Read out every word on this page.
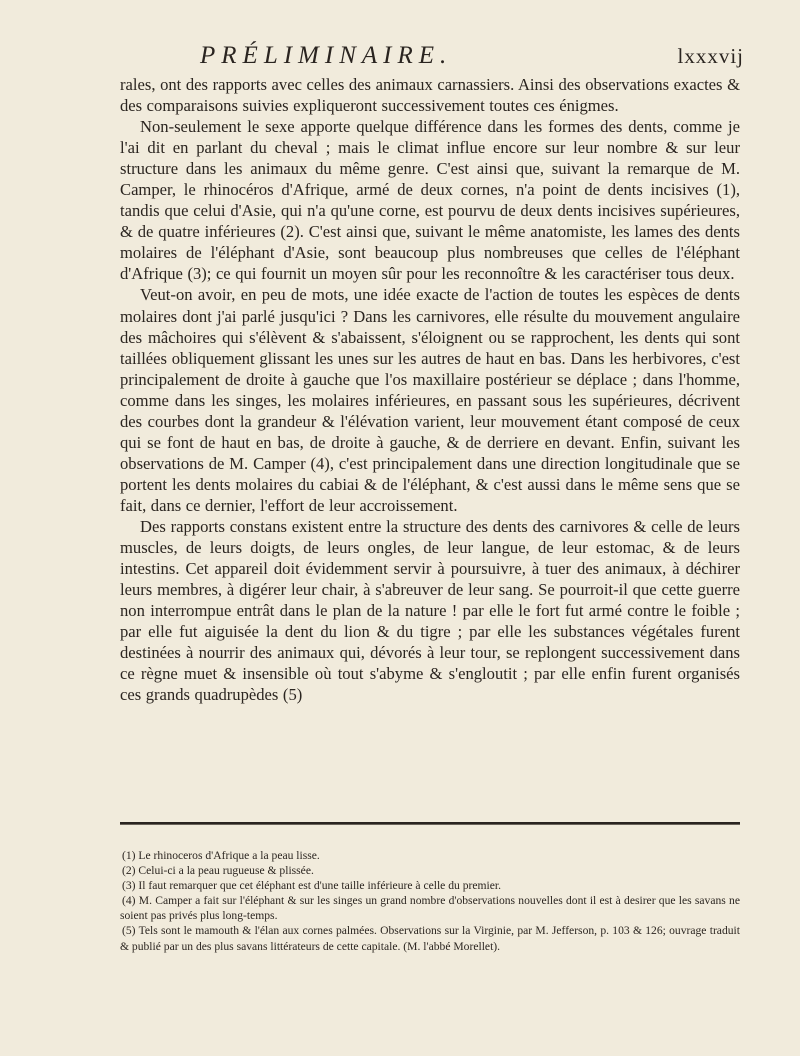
PRÉLIMINAIRE.	lxxxvij

rales, ont des rapports avec celles des animaux carnassiers. Ainsi des observations exactes & des comparaisons suivies expliqueront successivement toutes ces énigmes.

Non-seulement le sexe apporte quelque différence dans les formes des dents, comme je l'ai dit en parlant du cheval ; mais le climat influe encore sur leur nombre & sur leur structure dans les animaux du même genre. C'est ainsi que, suivant la remarque de M. Camper, le rhinocéros d'Afrique, armé de deux cornes, n'a point de dents incisives (1), tandis que celui d'Asie, qui n'a qu'une corne, est pourvu de deux dents incisives supérieures, & de quatre inférieures (2). C'est ainsi que, suivant le même anatomiste, les lames des dents molaires de l'éléphant d'Asie, sont beaucoup plus nombreuses que celles de l'éléphant d'Afrique (3); ce qui fournit un moyen sûr pour les reconnoître & les caractériser tous deux.

Veut-on avoir, en peu de mots, une idée exacte de l'action de toutes les espèces de dents molaires dont j'ai parlé jusqu'ici ? Dans les carnivores, elle résulte du mouvement angulaire des mâchoires qui s'élèvent & s'abaissent, s'éloignent ou se rapprochent, les dents qui sont taillées obliquement glissant les unes sur les autres de haut en bas. Dans les herbivores, c'est principalement de droite à gauche que l'os maxillaire postérieur se déplace ; dans l'homme, comme dans les singes, les molaires inférieures, en passant sous les supérieures, décrivent des courbes dont la grandeur & l'élévation varient, leur mouvement étant composé de ceux qui se font de haut en bas, de droite à gauche, & de derriere en devant. Enfin, suivant les observations de M. Camper (4), c'est principalement dans une direction longitudinale que se portent les dents molaires du cabiai & de l'éléphant, & c'est aussi dans le même sens que se fait, dans ce dernier, l'effort de leur accroissement.

Des rapports constans existent entre la structure des dents des carnivores & celle de leurs muscles, de leurs doigts, de leurs ongles, de leur langue, de leur estomac, & de leurs intestins. Cet appareil doit évidemment servir à poursuivre, à tuer des animaux, à déchirer leurs membres, à digérer leur chair, à s'abreuver de leur sang. Se pourroit-il que cette guerre non interrompue entrât dans le plan de la nature ! par elle le fort fut armé contre le foible ; par elle fut aiguisée la dent du lion & du tigre ; par elle les substances végétales furent destinées à nourrir des animaux qui, dévorés à leur tour, se replongent successivement dans ce règne muet & insensible où tout s'abyme & s'engloutit ; par elle enfin furent organisés ces grands quadrupèdes (5)

(1) Le rhinoceros d'Afrique a la peau lisse.

(2) Celui-ci a la peau rugueuse & plissée.

(3) Il faut remarquer que cet éléphant est d'une taille inférieure à celle du premier.

(4) M. Camper a fait sur l'éléphant & sur les singes un grand nombre d'observations nouvelles dont il est à desirer que les savans ne soient pas privés plus long-temps.

(5) Tels sont le mamouth & l'élan aux cornes palmées. Observations sur la Virginie, par M. Jefferson, p. 103 & 126; ouvrage traduit & publié par un des plus savans littérateurs de cette capitale. (M. l'abbé Morellet).
